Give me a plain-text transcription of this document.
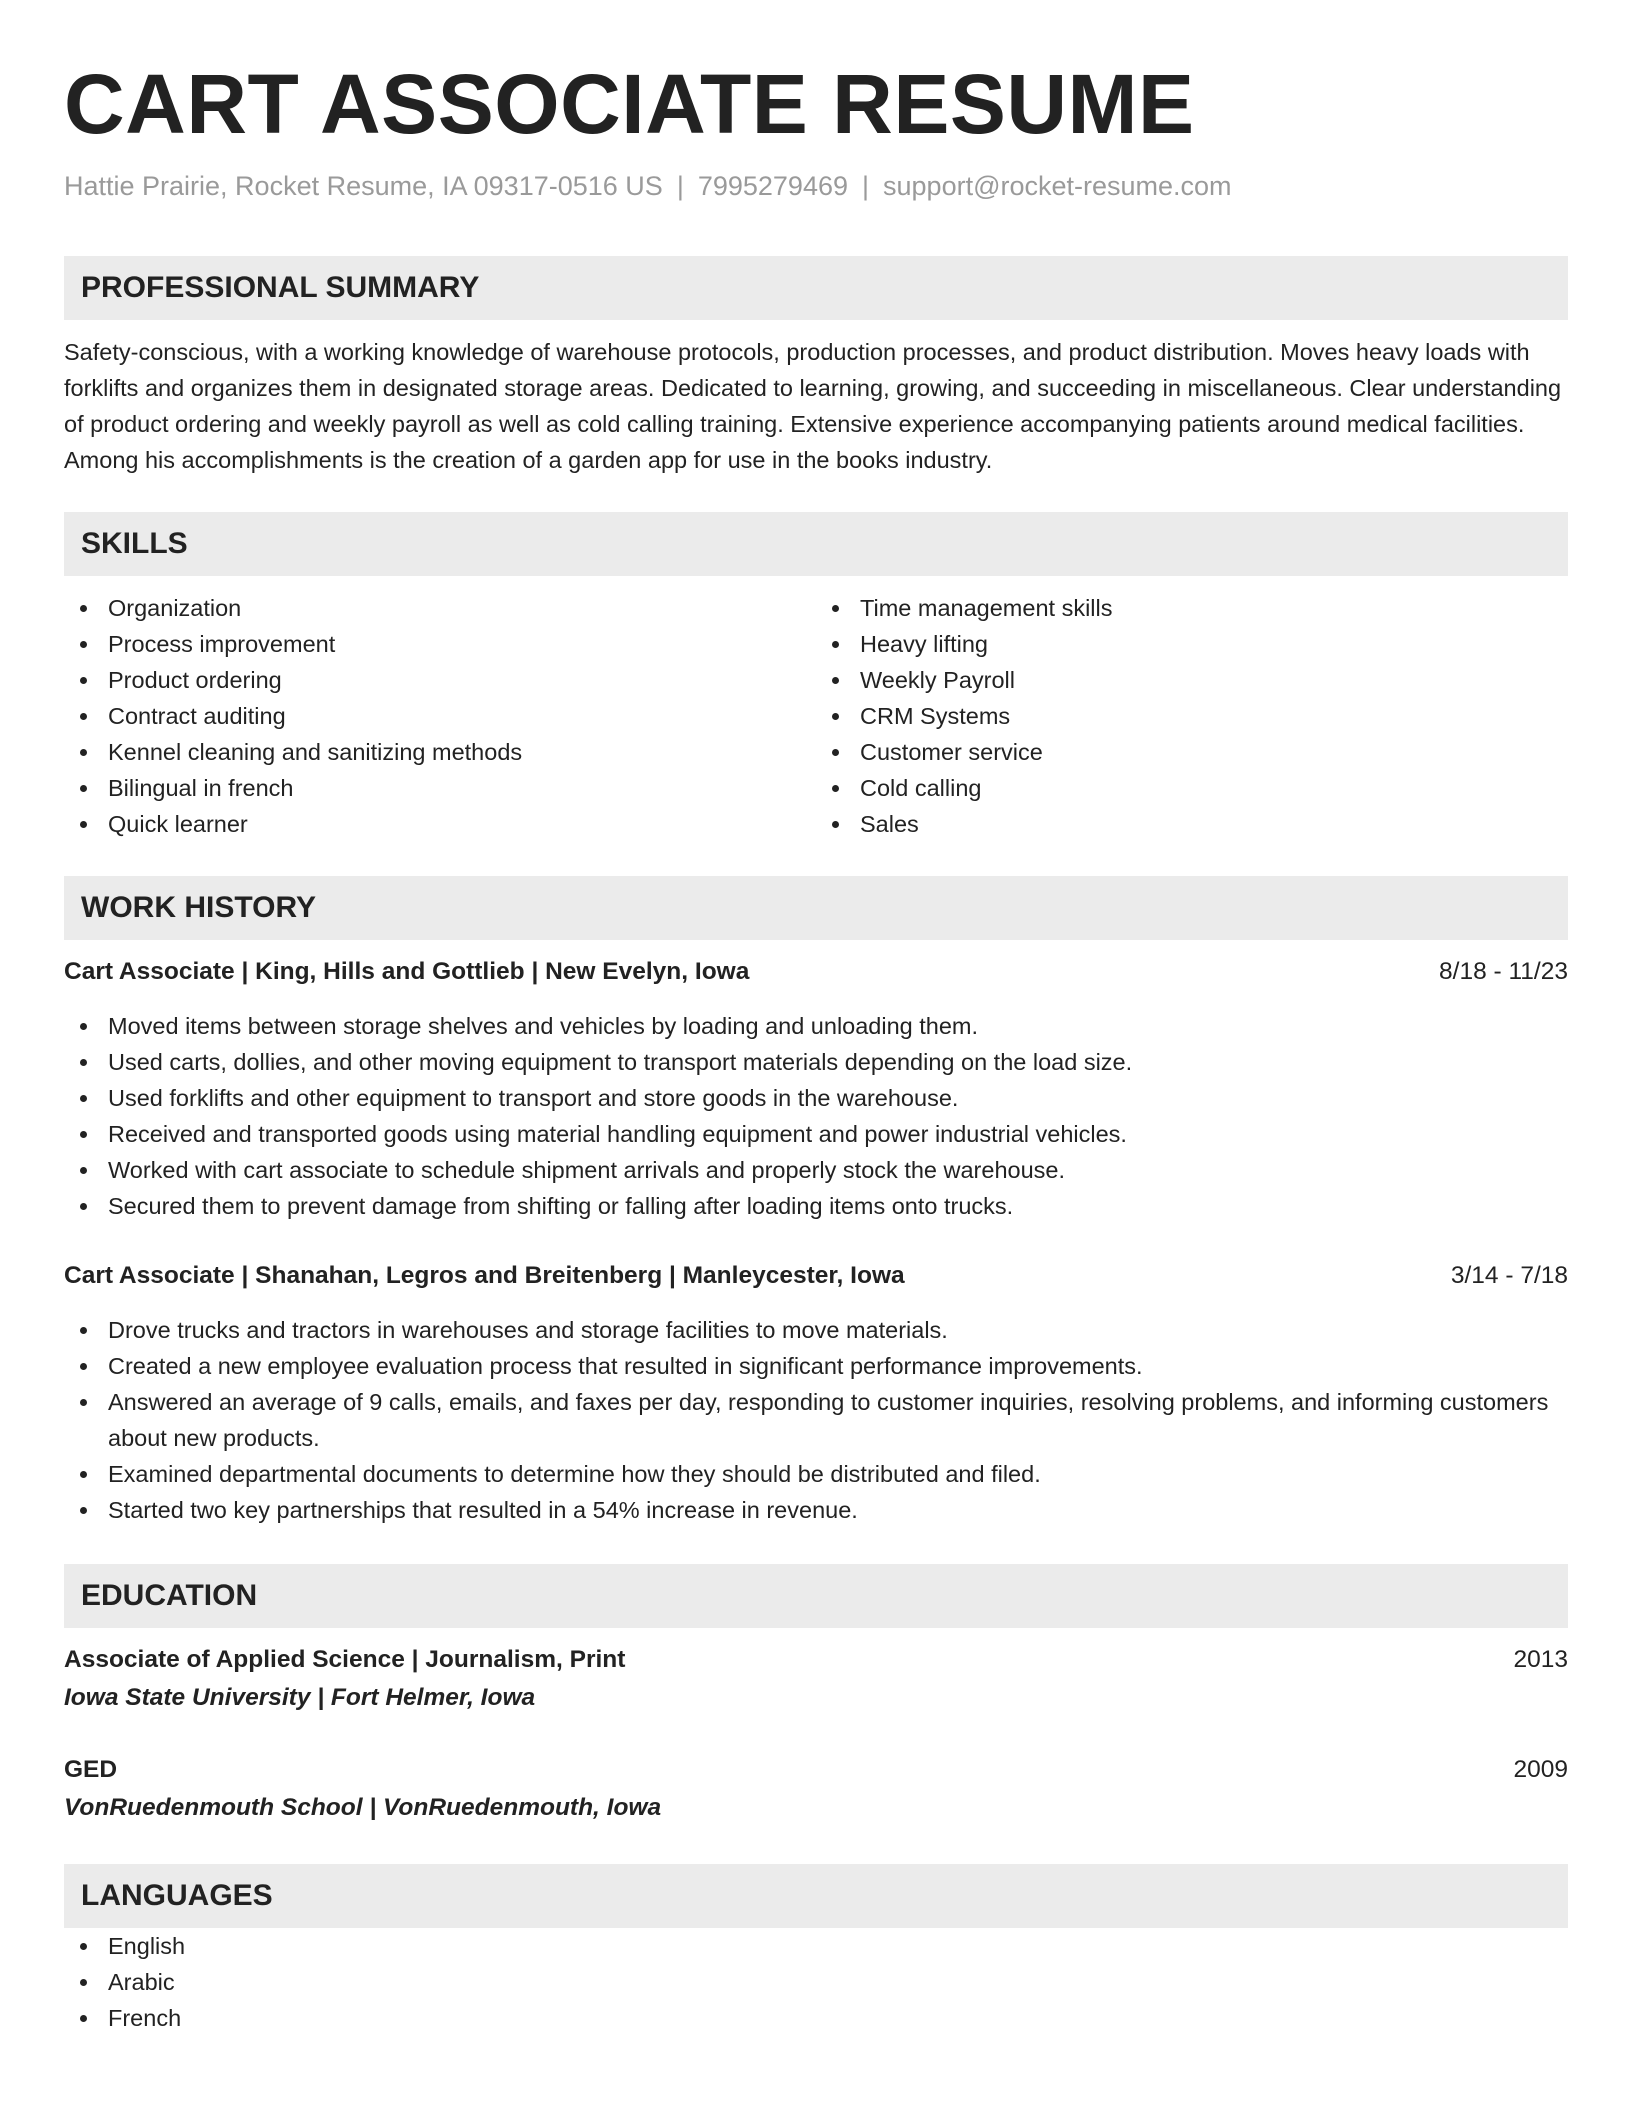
CART ASSOCIATE RESUME
Hattie Prairie, Rocket Resume, IA 09317-0516 US | 7995279469 | support@rocket-resume.com
PROFESSIONAL SUMMARY
Safety-conscious, with a working knowledge of warehouse protocols, production processes, and product distribution. Moves heavy loads with forklifts and organizes them in designated storage areas. Dedicated to learning, growing, and succeeding in miscellaneous. Clear understanding of product ordering and weekly payroll as well as cold calling training. Extensive experience accompanying patients around medical facilities. Among his accomplishments is the creation of a garden app for use in the books industry.
SKILLS
Organization
Process improvement
Product ordering
Contract auditing
Kennel cleaning and sanitizing methods
Bilingual in french
Quick learner
Time management skills
Heavy lifting
Weekly Payroll
CRM Systems
Customer service
Cold calling
Sales
WORK HISTORY
Cart Associate | King, Hills and Gottlieb | New Evelyn, Iowa	8/18 - 11/23
Moved items between storage shelves and vehicles by loading and unloading them.
Used carts, dollies, and other moving equipment to transport materials depending on the load size.
Used forklifts and other equipment to transport and store goods in the warehouse.
Received and transported goods using material handling equipment and power industrial vehicles.
Worked with cart associate to schedule shipment arrivals and properly stock the warehouse.
Secured them to prevent damage from shifting or falling after loading items onto trucks.
Cart Associate | Shanahan, Legros and Breitenberg | Manleycester, Iowa	3/14 - 7/18
Drove trucks and tractors in warehouses and storage facilities to move materials.
Created a new employee evaluation process that resulted in significant performance improvements.
Answered an average of 9 calls, emails, and faxes per day, responding to customer inquiries, resolving problems, and informing customers about new products.
Examined departmental documents to determine how they should be distributed and filed.
Started two key partnerships that resulted in a 54% increase in revenue.
EDUCATION
Associate of Applied Science | Journalism, Print	2013
Iowa State University | Fort Helmer, Iowa
GED	2009
VonRuedenmouth School | VonRuedenmouth, Iowa
LANGUAGES
English
Arabic
French
